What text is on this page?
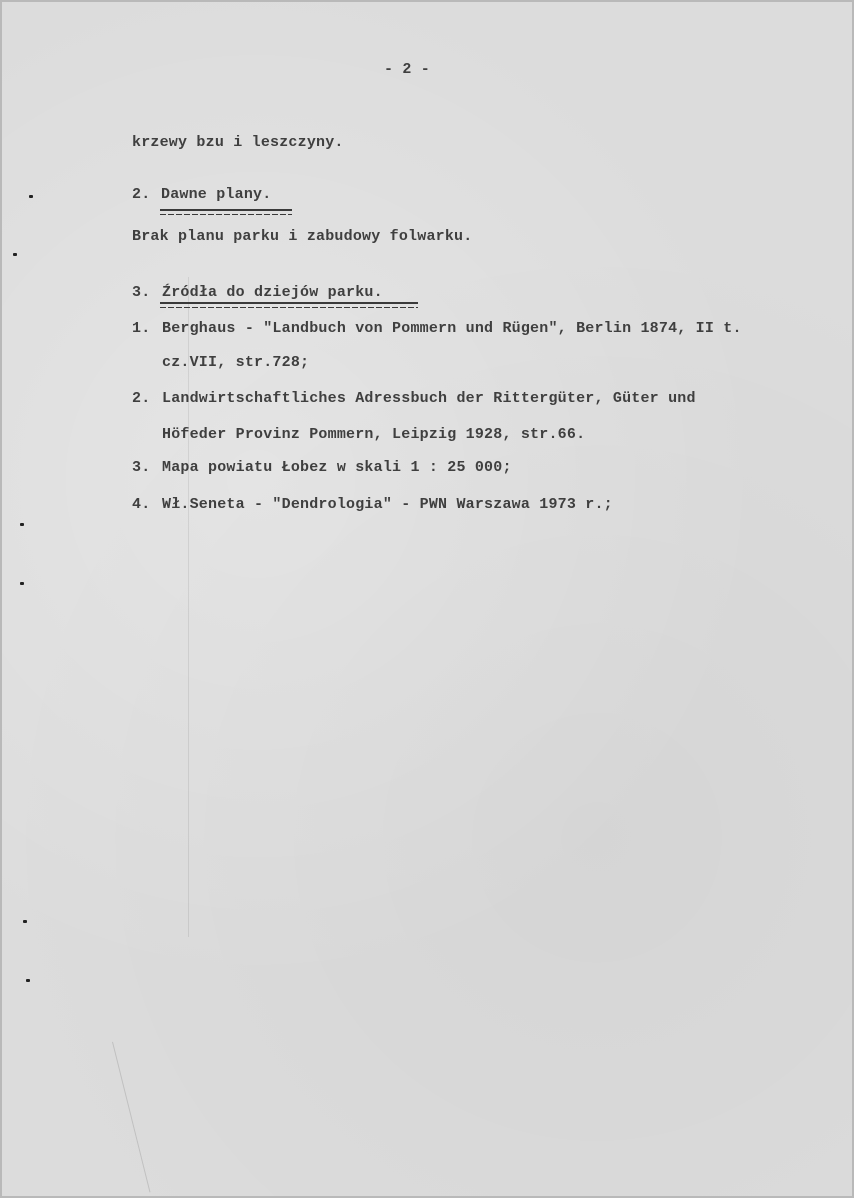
- 2 -
krzewy bzu i leszczyny.
2. Dawne plany.
Brak planu parku i zabudowy folwarku.
3. Źródła do dziejów parku.
1. Berghaus - "Landbuch von Pommern und Rügen", Berlin 1874, II t.
cz.VII, str.728;
2. Landwirtschaftliches Adressbuch der Rittergüter, Güter und
Höfeder Provinz Pommern, Leipzig 1928, str.66.
3. Mapa powiatu Łobez w skali 1 : 25 000;
4. Wł.Seneta - "Dendrologia" - PWN Warszawa 1973 r.;
